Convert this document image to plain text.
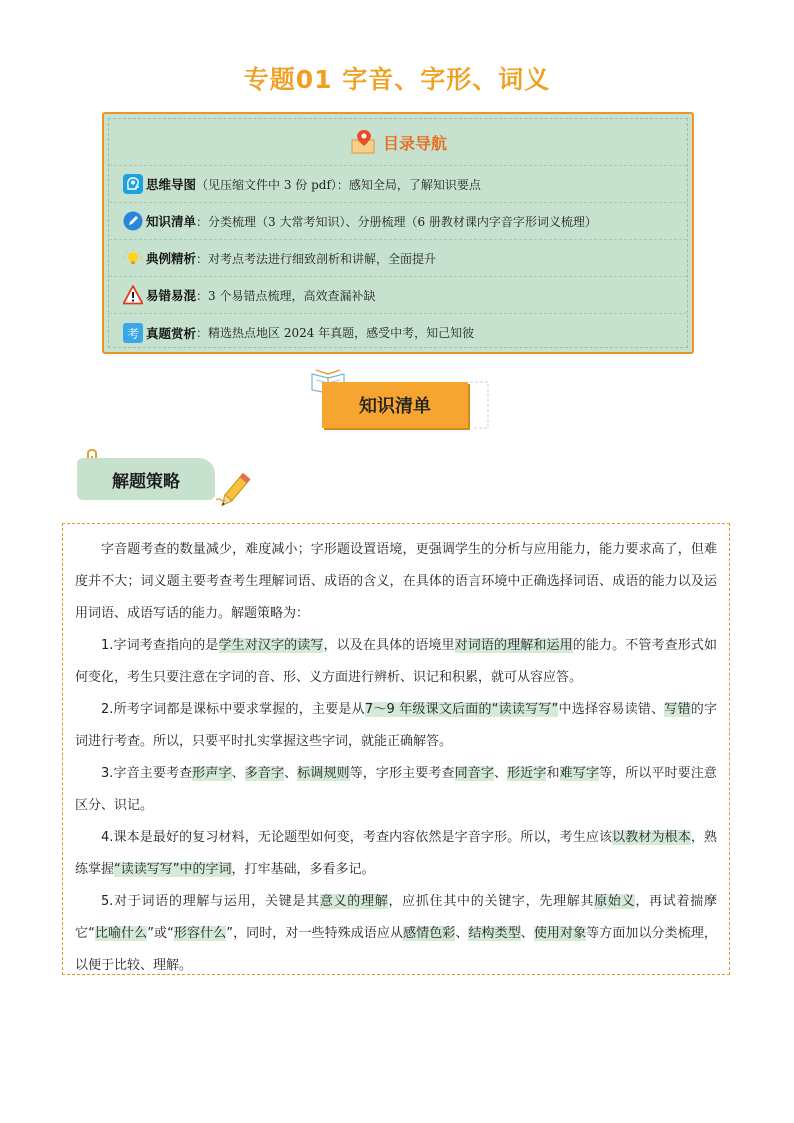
专题01 字音、字形、词义
目录导航
思维导图 （见压缩文件中 3 份 pdf）：感知全局，了解知识要点
知识清单 ：分类梳理（3 大常考知识）、分册梳理（6 册教材课内字音字形词义梳理）
典例精析 ：对考点考法进行细致剖析和讲解，全面提升
易错易混 ：3 个易错点梳理，高效查漏补缺
考 真题赏析 ：精选热点地区 2024 年真题，感受中考，知己知彼
知识清单
解题策略

字音题考查的数量减少，难度减小；字形题设置语境，更强调学生的分析与应用能力，能力要求高了，但难度并不大；词义题主要考查考生理解词语、成语的含义，在具体的语言环境中正确选择词语、成语的能力以及运用词语、成语写话的能力。解题策略为：

1.字词考查指向的是学生对汉字的读写，以及在具体的语境里对词语的理解和运用的能力。不管考查形式如何变化，考生只要注意在字词的音、形、义方面进行辨析、识记和积累，就可从容应答。

2.所考字词都是课标中要求掌握的，主要是从7～9 年级课文后面的“读读写写”中选择容易读错、写错的字词进行考查。所以，只要平时扎实掌握这些字词，就能正确解答。

3.字音主要考查形声字、多音字、标调规则等，字形主要考查同音字、形近字和难写字等，所以平时要注意区分、识记。

4.课本是最好的复习材料，无论题型如何变，考查内容依然是字音字形。所以，考生应该以教材为根本，熟练掌握“读读写写”中的字词，打牢基础，多看多记。

5.对于词语的理解与运用，关键是其意义的理解，应抓住其中的关键字，先理解其原始义，再试着揣摩它“比喻什么”或“形容什么”，同时，对一些特殊成语应从感情色彩、结构类型、使用对象等方面加以分类梳理，以便于比较、理解。
